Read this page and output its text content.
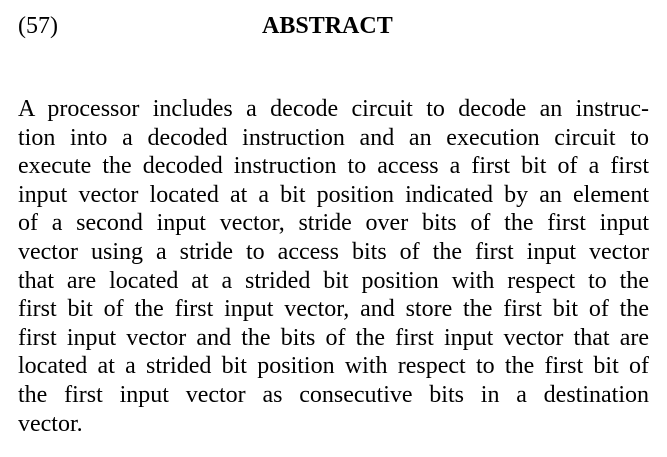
(57)	ABSTRACT
A processor includes a decode circuit to decode an instruc-
tion into a decoded instruction and an execution circuit to
execute the decoded instruction to access a first bit of a first
input vector located at a bit position indicated by an element
of a second input vector, stride over bits of the first input
vector using a stride to access bits of the first input vector
that are located at a strided bit position with respect to the
first bit of the first input vector, and store the first bit of the
first input vector and the bits of the first input vector that are
located at a strided bit position with respect to the first bit of
the first input vector as consecutive bits in a destination
vector.
